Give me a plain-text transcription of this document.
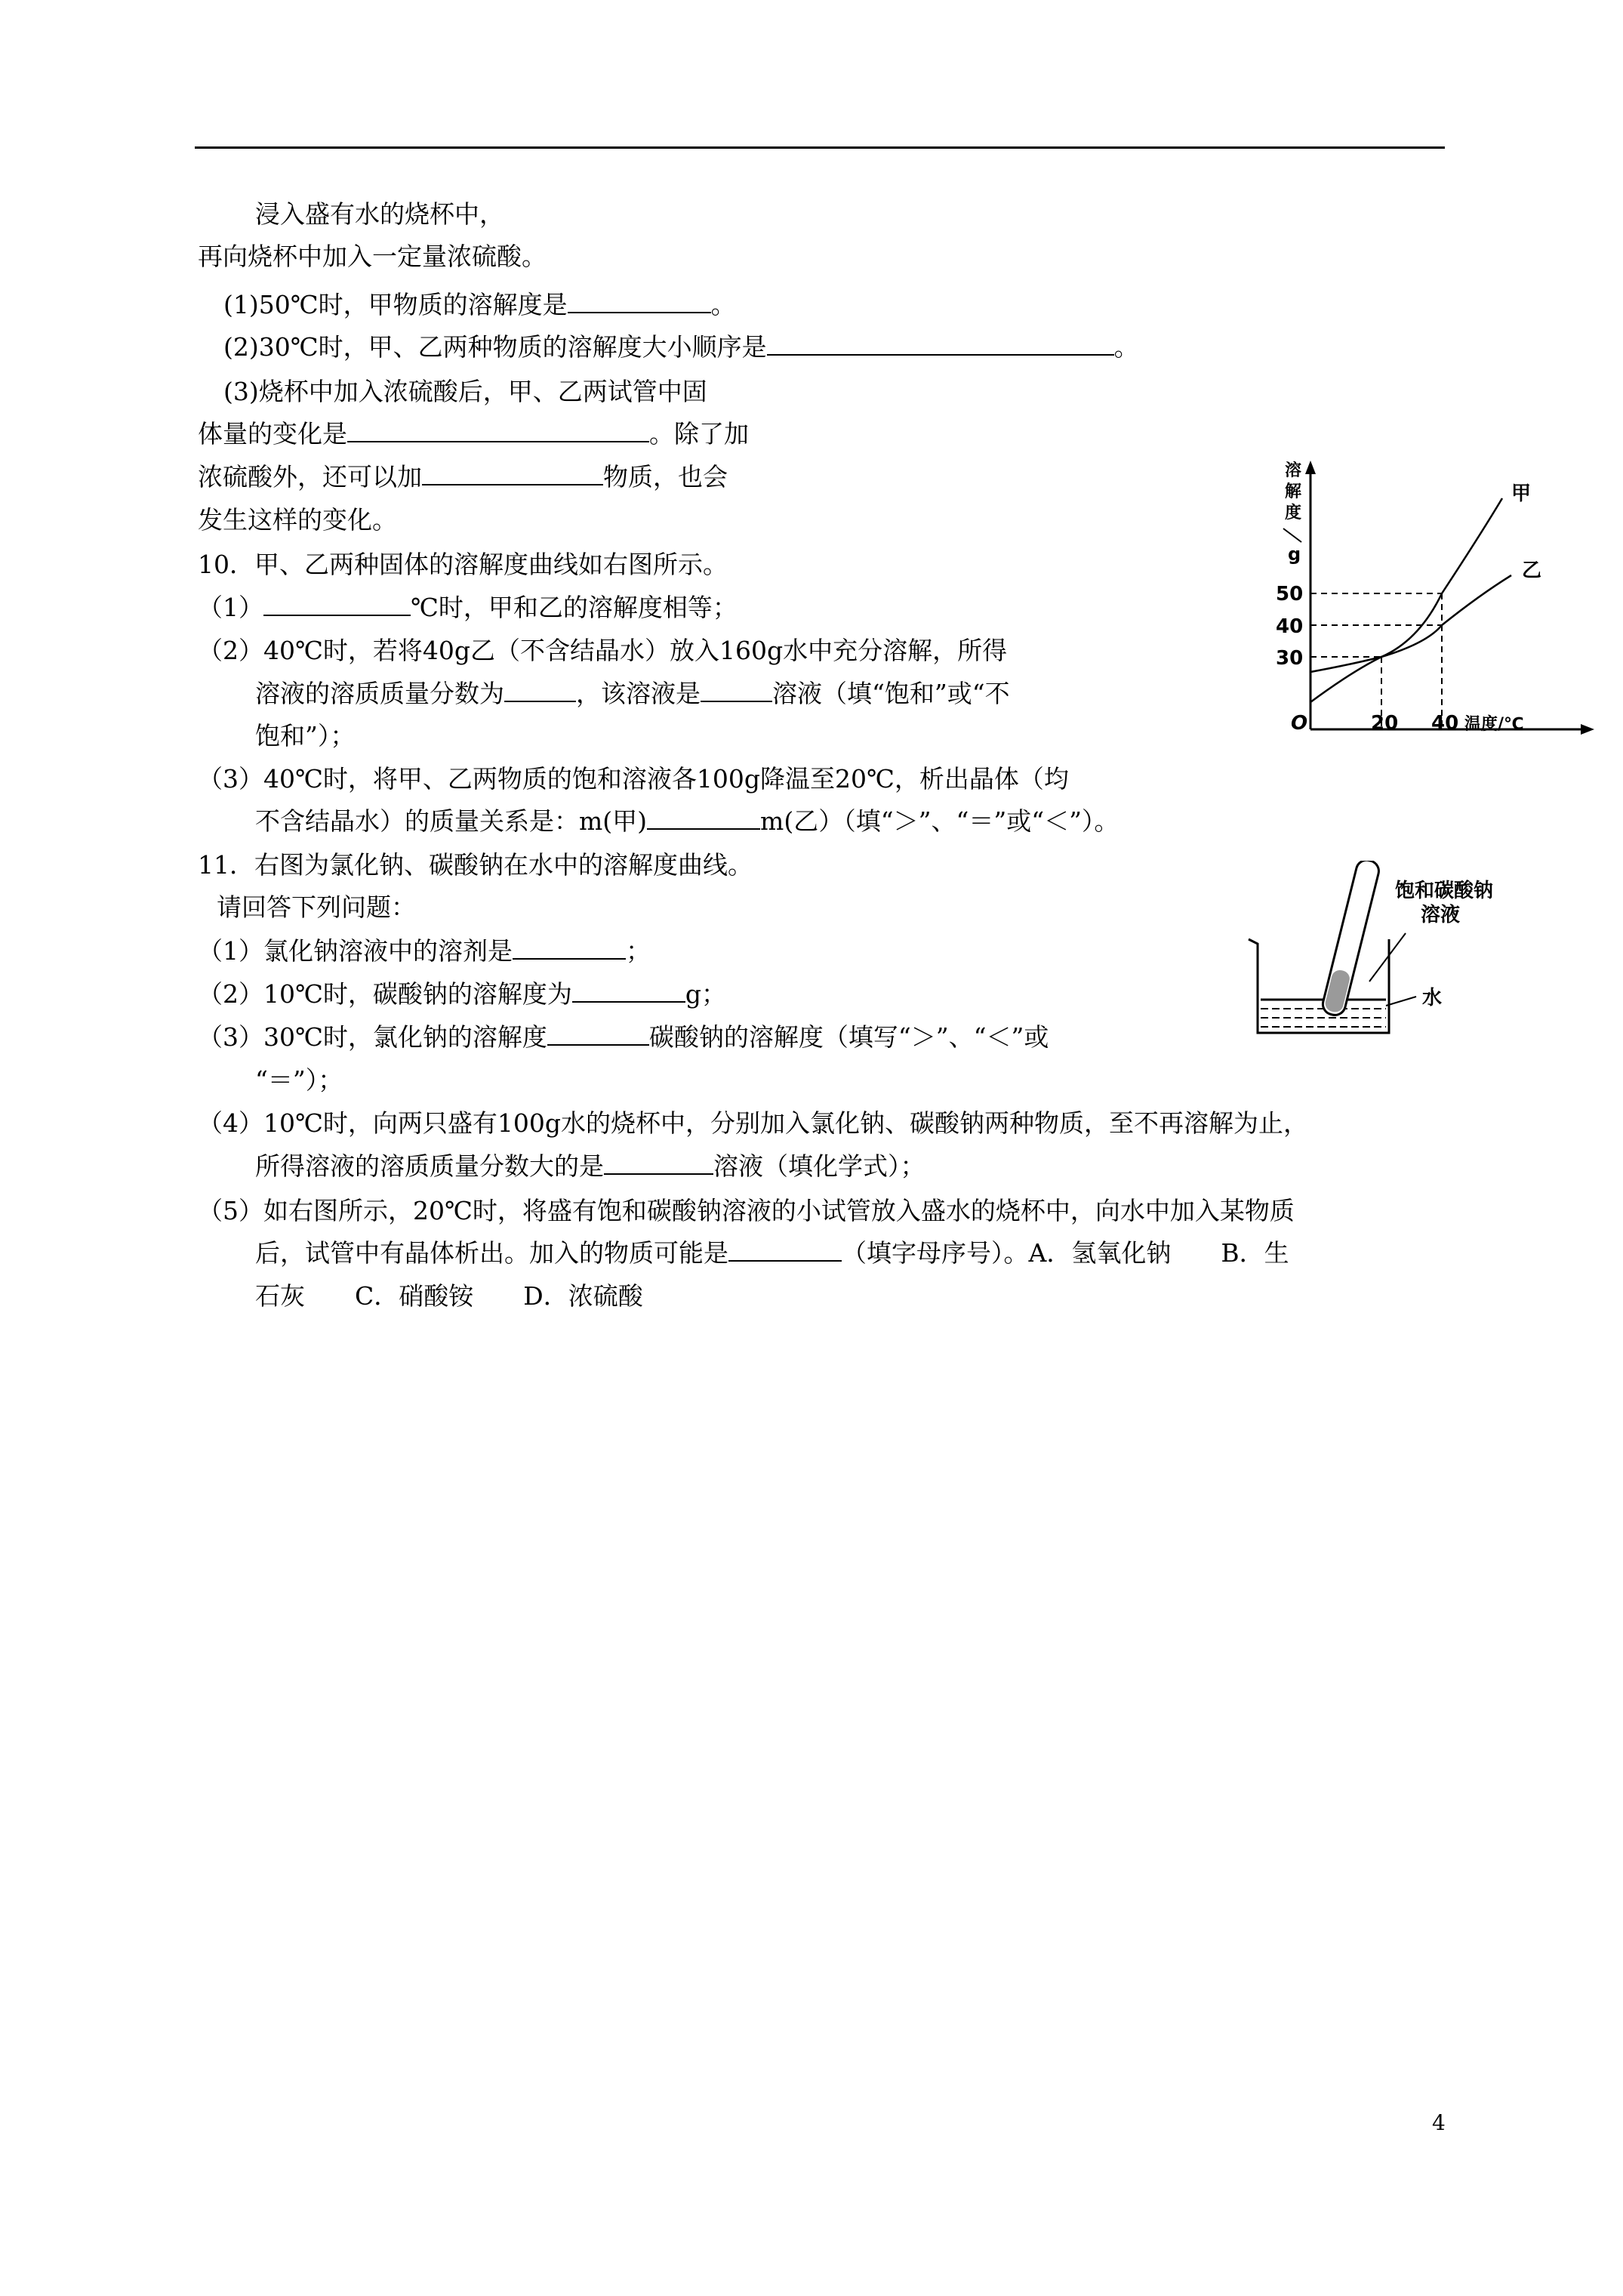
浸入盛有水的烧杯中，
再向烧杯中加入一定量浓硫酸。
(1)50℃时，甲物质的溶解度是	。
(2)30℃时，甲、乙两种物质的溶解度大小顺序是	。
(3)烧杯中加入浓硫酸后，甲、乙两试管中固
体量的变化是	。除了加
浓硫酸外，还可以加	物质，也会
发生这样的变化。
10．甲、乙两种固体的溶解度曲线如右图所示。
（1）	℃时，甲和乙的溶解度相等；
（2）40℃时，若将40g乙（不含结晶水）放入160g水中充分溶解，所得
溶液的溶质质量分数为	，该溶液是	溶液（填“饱和”或“不
饱和”）；
（3）40℃时，将甲、乙两物质的饱和溶液各100g降温至20℃，析出晶体（均
不含结晶水）的质量关系是：m(甲)	m(乙）（填“＞”、“＝”或“＜”）。
11．右图为氯化钠、碳酸钠在水中的溶解度曲线。
请回答下列问题：
（1）氯化钠溶液中的溶剂是	；
（2）10℃时，碳酸钠的溶解度为	g；
（3）30℃时，氯化钠的溶解度	碳酸钠的溶解度（填写“＞”、“＜”或
“＝”）；
（4）10℃时，向两只盛有100g水的烧杯中，分别加入氯化钠、碳酸钠两种物质，至不再溶解为止，
所得溶液的溶质质量分数大的是	溶液（填化学式）；
（5）如右图所示，20℃时，将盛有饱和碳酸钠溶液的小试管放入盛水的烧杯中，向水中加入某物质
后，试管中有晶体析出。加入的物质可能是	（填字母序号）。A．氢氧化钠　　B．生
石灰　　C．硝酸铵　　D．浓硫酸
溶
解
度
g
50
40
30
甲
乙
O	20 40 温度/℃
饱和碳酸钠
溶液
水
4
